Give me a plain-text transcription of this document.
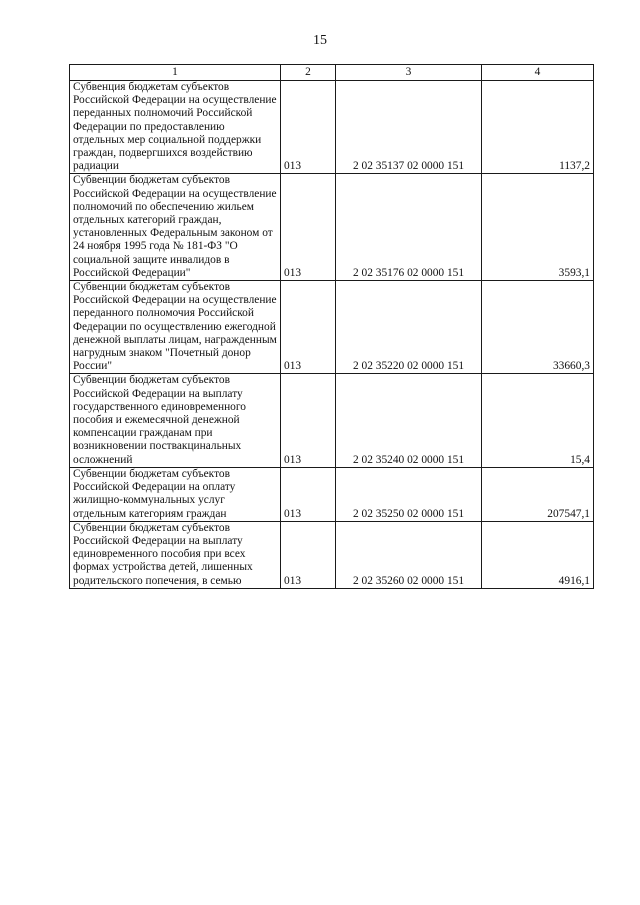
15
1	2	3	4
Субвенция бюджетам субъектов Российской Федерации на осуществление переданных полномочий Российской Федерации по предоставлению отдельных мер социальной поддержки граждан, подвергшихся воздействию радиации	013	2 02 35137 02 0000 151	1137,2
Субвенции бюджетам субъектов Российской Федерации на осуществление полномочий по обеспечению жильем отдельных категорий граждан, установленных Федеральным законом от 24 ноября 1995 года № 181-ФЗ "О социальной защите инвалидов в Российской Федерации"	013	2 02 35176 02 0000 151	3593,1
Субвенции бюджетам субъектов Российской Федерации на осуществление переданного полномочия Российской Федерации по осуществлению ежегодной денежной выплаты лицам, награжденным нагрудным знаком "Почетный донор России"	013	2 02 35220 02 0000 151	33660,3
Субвенции бюджетам субъектов Российской Федерации на выплату государственного единовременного пособия и ежемесячной денежной компенсации гражданам при возникновении поствакцинальных осложнений	013	2 02 35240 02 0000 151	15,4
Субвенции бюджетам субъектов Российской Федерации на оплату жилищно-коммунальных услуг отдельным категориям граждан	013	2 02 35250 02 0000 151	207547,1
Субвенции бюджетам субъектов Российской Федерации на выплату единовременного пособия при всех формах устройства детей, лишенных родительского попечения, в семью	013	2 02 35260 02 0000 151	4916,1
